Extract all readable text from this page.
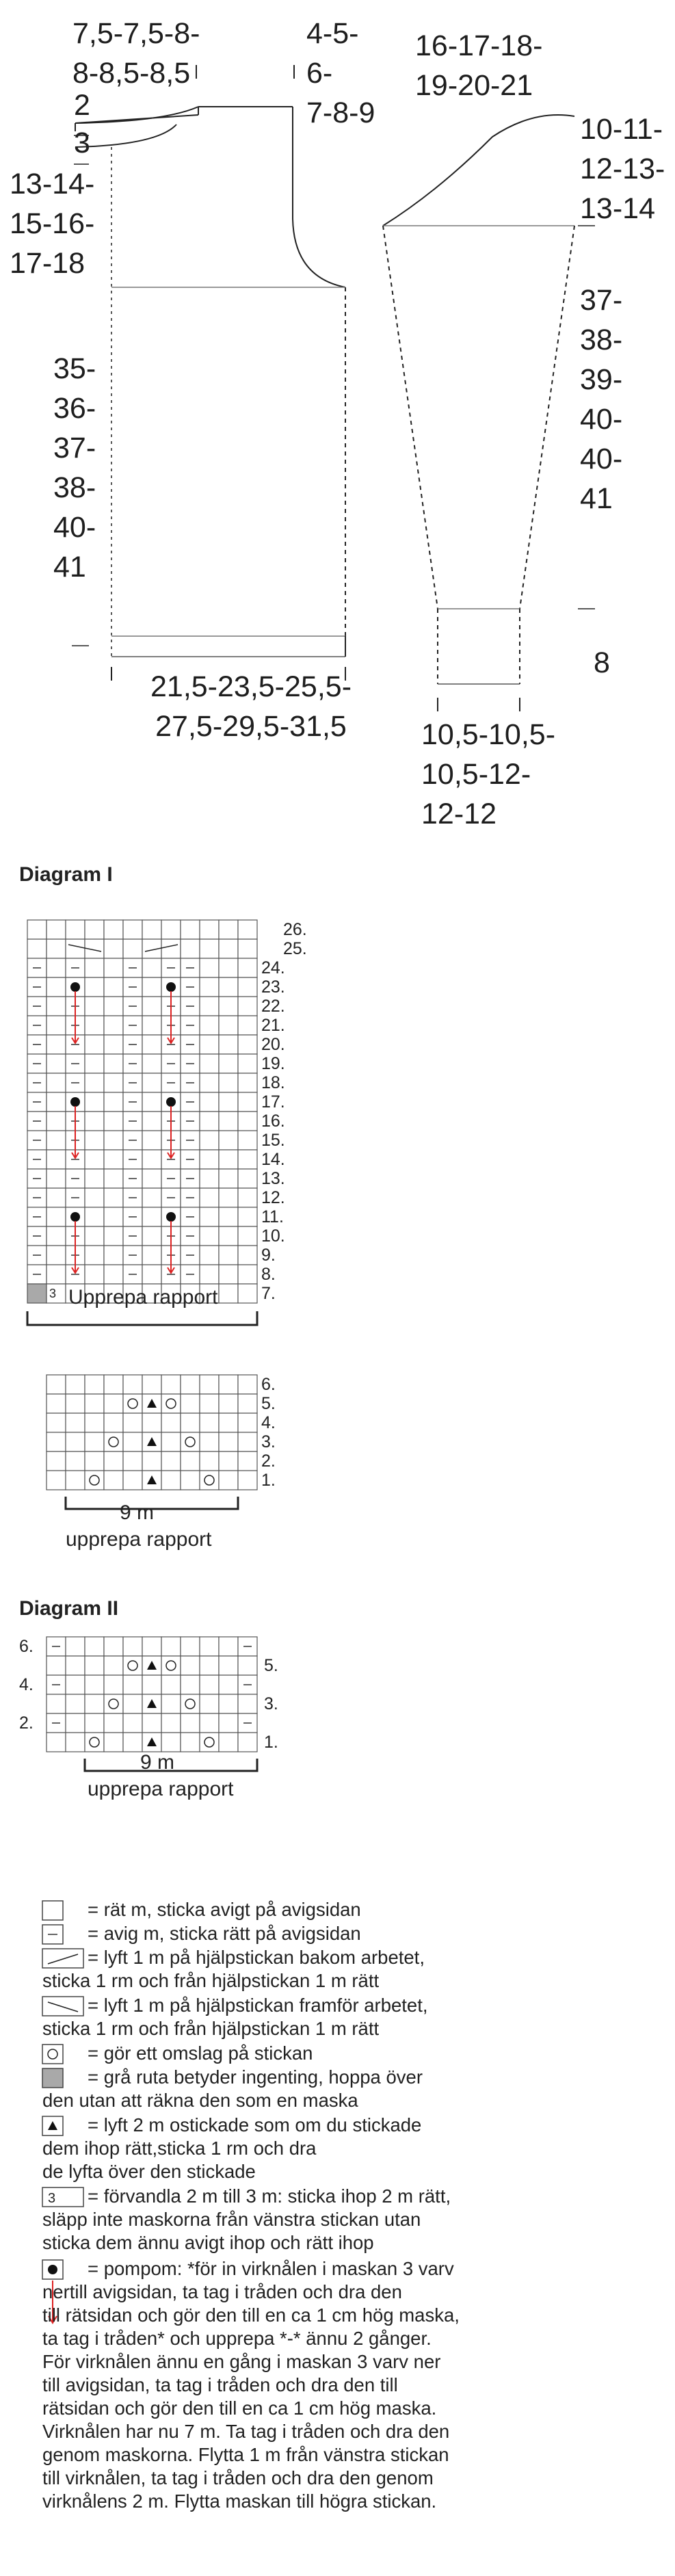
7,5-7,5-8-
8-8,5-8,5
4-5-6-
7-8-9
2
3
13-14-
15-16-
17-18
35-
36-
37-
38-
40-
41
21,5-23,5-25,5-
27,5-29,5-31,5
16-17-18-
19-20-21
10-11-
12-13-
13-14
37-
38-
39-
40-
40-
41
8
10,5-10,5-
10,5-12-
12-12
3
3
Diagram I
26.
25.
24.
23.
22.
21.
20.
19.
18.
17.
16.
15.
14.
13.
12.
11.
10.
9.
8.
7.
Upprepa rapport
6.
5.
4.
3.
2.
1.
9 m
upprepa rapport
Diagram II
6.
4.
2.
5.
3.
1.
9 m
upprepa rapport
= rät m, sticka avigt på avigsidan
= avig m, sticka rätt på avigsidan
= lyft 1 m på hjälpstickan bakom arbetet,
sticka 1 rm och från hjälpstickan 1 m rätt
= lyft 1 m på hjälpstickan framför arbetet,
sticka 1 rm och från hjälpstickan 1 m rätt
= gör ett omslag på stickan
= grå ruta betyder ingenting, hoppa över
den utan att räkna den som en maska
= lyft 2 m ostickade som om du stickade
dem ihop rätt,sticka 1 rm och dra
de lyfta över den stickade
= förvandla 2 m till 3 m: sticka ihop 2 m rätt,
släpp inte maskorna från vänstra stickan utan
sticka dem ännu avigt ihop och rätt ihop
= pompom: *för in virknålen i maskan 3 varv
nertill avigsidan, ta tag i tråden och dra den
till rätsidan och gör den till en ca 1 cm hög maska,
ta tag i tråden* och upprepa *-* ännu 2 gånger.
För virknålen ännu en gång i maskan 3 varv ner
till avigsidan, ta tag i tråden och dra den till
rätsidan och gör den till en ca 1 cm hög maska.
Virknålen har nu 7 m. Ta tag i tråden och dra den
genom maskorna. Flytta 1 m från vänstra stickan
till virknålen, ta tag i tråden och dra den genom
virknålens 2 m. Flytta maskan till högra stickan.
